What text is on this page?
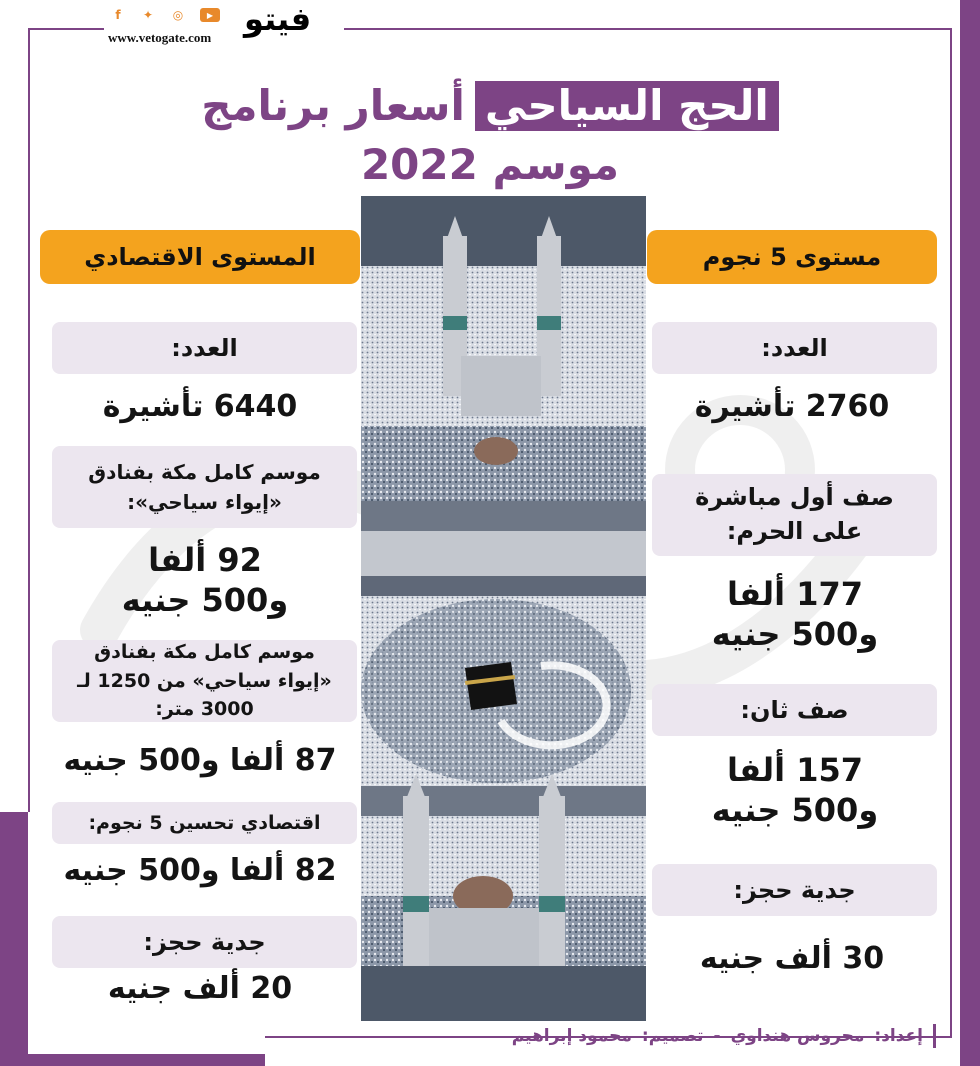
f	✦ ◎	▶
www.vetogate.com فيتو
الحج السياحيأسعار برنامج
موسم 2022
مستوى 5 نجوم
العدد:
2760 تأشيرة
صف أول مباشرة على الحرم:
177 ألفا و500 جنيه
صف ثان:
157 ألفا و500 جنيه
جدية حجز:
30 ألف جنيه
المستوى الاقتصادي
العدد:
6440 تأشيرة
موسم كامل مكة بفنادق «إيواء سياحي»:
92 ألفا و500 جنيه
موسم كامل مكة بفنادق «إيواء سياحي» من 1250 لـ 3000 متر:
87 ألفا و500 جنيه
اقتصادي تحسين 5 نجوم:
82 ألفا و500 جنيه
جدية حجز:
20 ألف جنيه
إعداد:
محروس هنداوي
-
تصميم:
محمود إبراهيم
